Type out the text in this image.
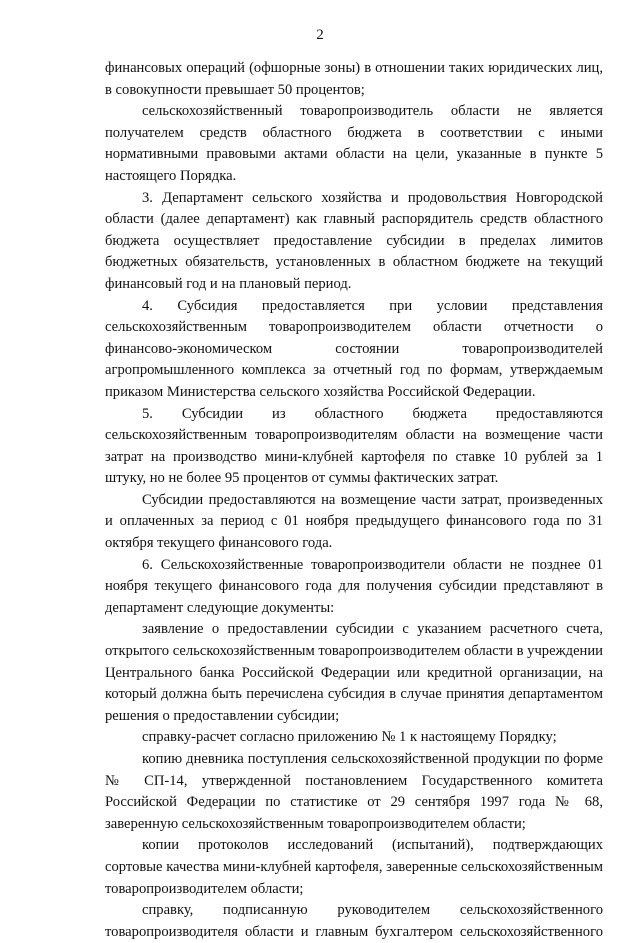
2

финансовых операций (офшорные зоны) в отношении таких юридических лиц, в совокупности превышает 50 процентов;

сельскохозяйственный товаропроизводитель области не является получателем средств областного бюджета в соответствии с иными нормативными правовыми актами области на цели, указанные в пункте 5 настоящего Порядка.

3. Департамент сельского хозяйства и продовольствия Новгородской области (далее департамент) как главный распорядитель средств областного бюджета осуществляет предоставление субсидии в пределах лимитов бюджетных обязательств, установленных в областном бюджете на текущий финансовый год и на плановый период.

4. Субсидия предоставляется при условии представления сельскохозяйственным товаропроизводителем области отчетности о финансово-экономическом состоянии товаропроизводителей агропромышленного комплекса за отчетный год по формам, утверждаемым приказом Министерства сельского хозяйства Российской Федерации.

5. Субсидии из областного бюджета предоставляются сельскохозяйственным товаропроизводителям области на возмещение части затрат на производство мини-клубней картофеля по ставке 10 рублей за 1 штуку, но не более 95 процентов от суммы фактических затрат.

Субсидии предоставляются на возмещение части затрат, произведенных и оплаченных за период с 01 ноября предыдущего финансового года по 31 октября текущего финансового года.

6. Сельскохозяйственные товаропроизводители области не позднее 01 ноября текущего финансового года для получения субсидии представляют в департамент следующие документы:

заявление о предоставлении субсидии с указанием расчетного счета, открытого сельскохозяйственным товаропроизводителем области в учреждении Центрального банка Российской Федерации или кредитной организации, на который должна быть перечислена субсидия в случае принятия департаментом решения о предоставлении субсидии;

справку-расчет согласно приложению № 1 к настоящему Порядку;

копию дневника поступления сельскохозяйственной продукции по форме № СП-14, утвержденной постановлением Государственного комитета Российской Федерации по статистике от 29 сентября 1997 года № 68, заверенную сельскохозяйственным товаропроизводителем области;

копии протоколов исследований (испытаний), подтверждающих сортовые качества мини-клубней картофеля, заверенные сельскохозяйственным товаропроизводителем области;

справку, подписанную руководителем сельскохозяйственного товаропроизводителя области и главным бухгалтером сельскохозяйственного
